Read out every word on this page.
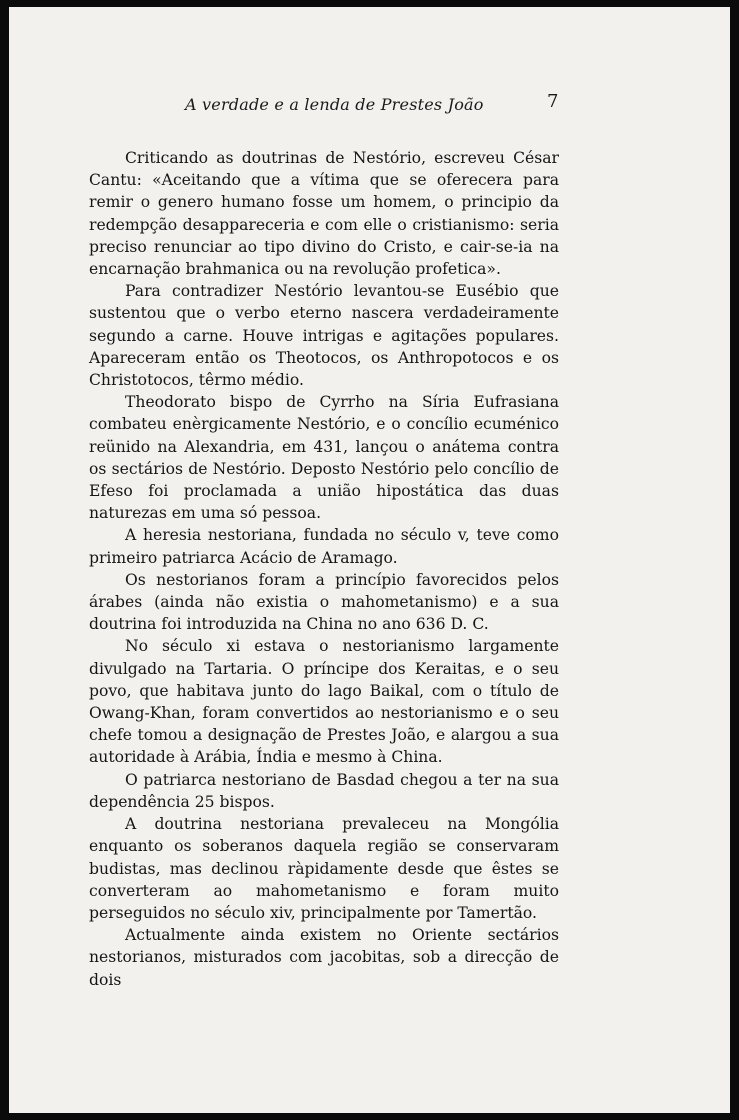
A verdade e a lenda de Prestes João	7

Criticando as doutrinas de Nestório, escreveu César Cantu: «Aceitando que a vítima que se oferecera para remir o genero humano fosse um homem, o principio da redempção desappareceria e com elle o cristianismo: seria preciso renunciar ao tipo divino do Cristo, e cair-se-ia na encarnação brahmanica ou na revolução profetica».

Para contradizer Nestório levantou-se Eusébio que sustentou que o verbo eterno nascera verdadeiramente segundo a carne. Houve intrigas e agitações populares. Apareceram então os Theotocos, os Anthropotocos e os Christotocos, têrmo médio.

Theodorato bispo de Cyrrho na Síria Eufrasiana combateu enèrgicamente Nestório, e o concílio ecuménico reünido na Alexandria, em 431, lançou o anátema contra os sectários de Nestório. Deposto Nestório pelo concílio de Efeso foi proclamada a união hipostática das duas naturezas em uma só pessoa.

A heresia nestoriana, fundada no século v, teve como primeiro patriarca Acácio de Aramago.

Os nestorianos foram a princípio favorecidos pelos árabes (ainda não existia o mahometanismo) e a sua doutrina foi introduzida na China no ano 636 D. C.

No século xi estava o nestorianismo largamente divulgado na Tartaria. O príncipe dos Keraitas, e o seu povo, que habitava junto do lago Baikal, com o título de Owang-Khan, foram convertidos ao nestorianismo e o seu chefe tomou a designação de Prestes João, e alargou a sua autoridade à Arábia, Índia e mesmo à China.

O patriarca nestoriano de Basdad chegou a ter na sua dependência 25 bispos.

A doutrina nestoriana prevaleceu na Mongólia enquanto os soberanos daquela região se conservaram budistas, mas declinou ràpidamente desde que êstes se converteram ao mahometanismo e foram muito perseguidos no século xiv, principalmente por Tamertão.

Actualmente ainda existem no Oriente sectários nestorianos, misturados com jacobitas, sob a direcção de dois
